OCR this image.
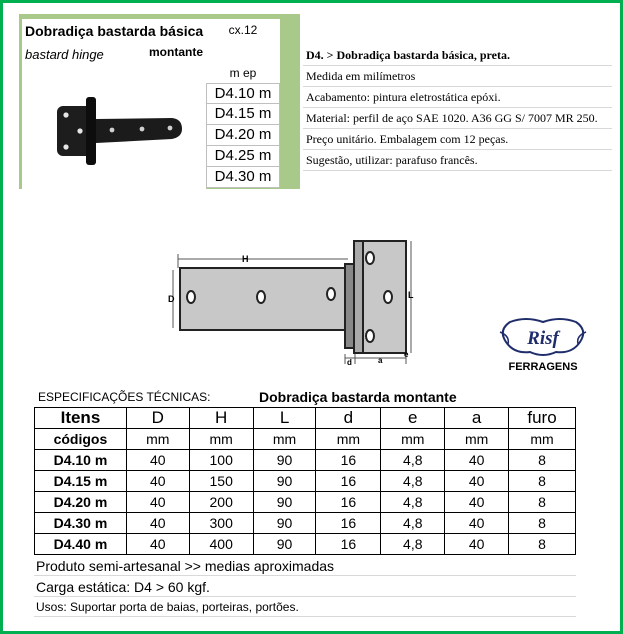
Dobradiça bastarda básica	cx.12
bastard hinge	montante
m ep
D4.10 m
D4.15 m
D4.20 m
D4.25 m
D4.30 m
D4. > Dobradiça bastarda básica, preta.
Medida em milímetros
Acabamento: pintura eletrostática epóxi.
Material: perfil de aço SAE 1020. A36 GG S/ 7007 MR 250.
Preço unitário. Embalagem com 12 peças.
Sugestão, utilizar: parafuso francês.
H
D	L
d	a
e
Risf
FERRAGENS
ESPECIFICAÇÕES TÉCNICAS:	Dobradiça bastarda montante
Itens	D	H	L	d	e	a	furo
códigos	mm	mm	mm	mm	mm	mm	mm
D4.10 m	40	100	90	16	4,8	40	8
D4.15 m	40	150	90	16	4,8	40	8
D4.20 m	40	200	90	16	4,8	40	8
D4.30 m	40	300	90	16	4,8	40	8
D4.40 m	40	400	90	16	4,8	40	8
Produto semi-artesanal >> medias aproximadas
Carga estática: D4 > 60 kgf.
Usos: Suportar porta de baias, porteiras, portões.
